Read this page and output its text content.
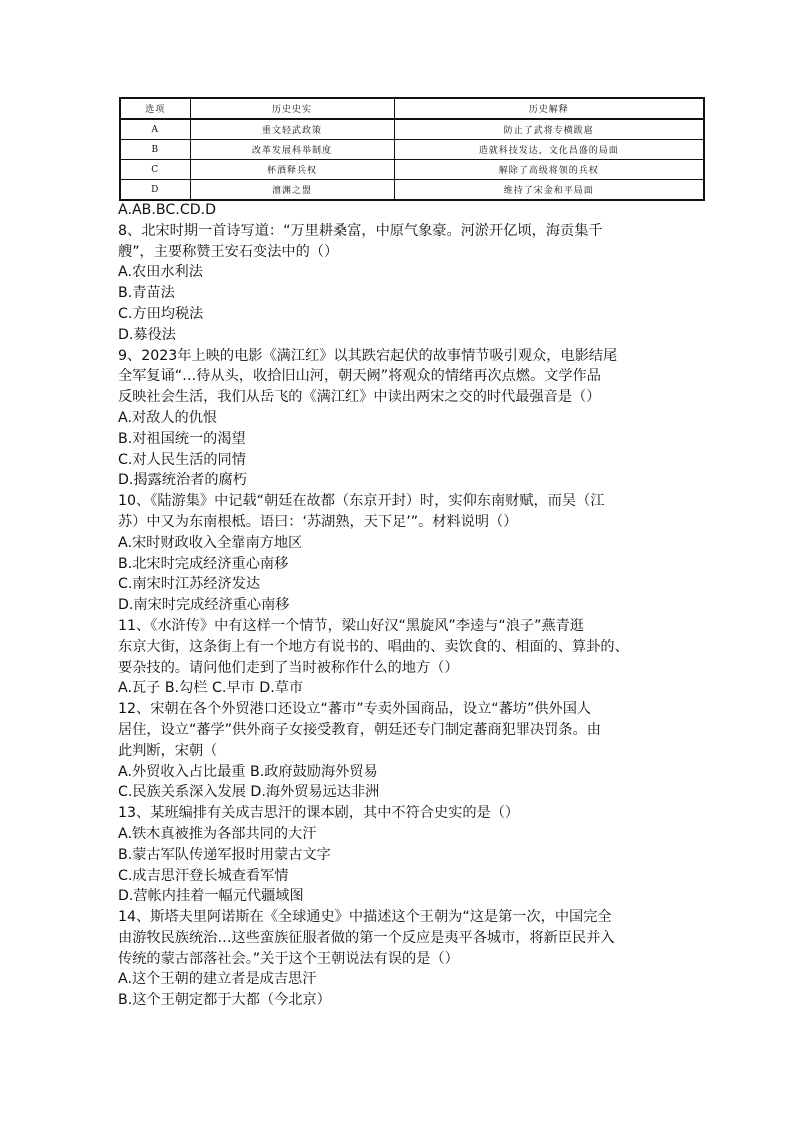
选项	历史史实	历史解释
A	重文轻武政策	防止了武将专横跋扈
B	改革发展科举制度	造就科技发达，文化昌盛的局面
C	杯酒释兵权	解除了高级将领的兵权
D	澶渊之盟	维持了宋金和平局面
A.AB.BC.CD.D
8、北宋时期一首诗写道：“万里耕桑富，中原气象豪。河淤开亿顷，海贡集千
艘”，主要称赞王安石变法中的（）
A.农田水利法
B.青苗法
C.方田均税法
D.募役法
9、2023年上映的电影《满江红》以其跌宕起伏的故事情节吸引观众，电影结尾
全军复诵“…待从头，收拾旧山河，朝天阙”将观众的情绪再次点燃。文学作品
反映社会生活，我们从岳飞的《满江红》中读出两宋之交的时代最强音是（）
A.对敌人的仇恨
B.对祖国统一的渴望
C.对人民生活的同情
D.揭露统治者的腐朽
10、《陆游集》中记载“朝廷在故都（东京开封）时，实仰东南财赋，而吴（江
苏）中又为东南根柢。语曰：‘苏湖熟，天下足’”。材料说明（）
A.宋时财政收入全靠南方地区
B.北宋时完成经济重心南移
C.南宋时江苏经济发达
D.南宋时完成经济重心南移
11、《水浒传》中有这样一个情节，梁山好汉“黑旋风”李逵与“浪子”燕青逛
东京大街，这条街上有一个地方有说书的、唱曲的、卖饮食的、相面的、算卦的、
要杂技的。请问他们走到了当时被称作什么的地方（）
A.瓦子 B.勾栏 C.早市 D.草市
12、宋朝在各个外贸港口还设立“蕃市”专卖外国商品，设立“蕃坊”供外国人
居住，设立“蕃学”供外商子女接受教育，朝廷还专门制定蕃商犯罪决罚条。由
此判断，宋朝（
A.外贸收入占比最重 B.政府鼓励海外贸易
C.民族关系深入发展 D.海外贸易远达非洲
13、某班编排有关成吉思汗的课本剧，其中不符合史实的是（）
A.铁木真被推为各部共同的大汗
B.蒙古军队传递军报时用蒙古文字
C.成吉思汗登长城查看军情
D.营帐内挂着一幅元代疆域图
14、斯塔夫里阿诺斯在《全球通史》中描述这个王朝为“这是第一次，中国完全
由游牧民族统治…这些蛮族征服者做的第一个反应是夷平各城市，将新臣民并入
传统的蒙古部落社会。”关于这个王朝说法有误的是（）
A.这个王朝的建立者是成吉思汗
B.这个王朝定都于大都（今北京）
